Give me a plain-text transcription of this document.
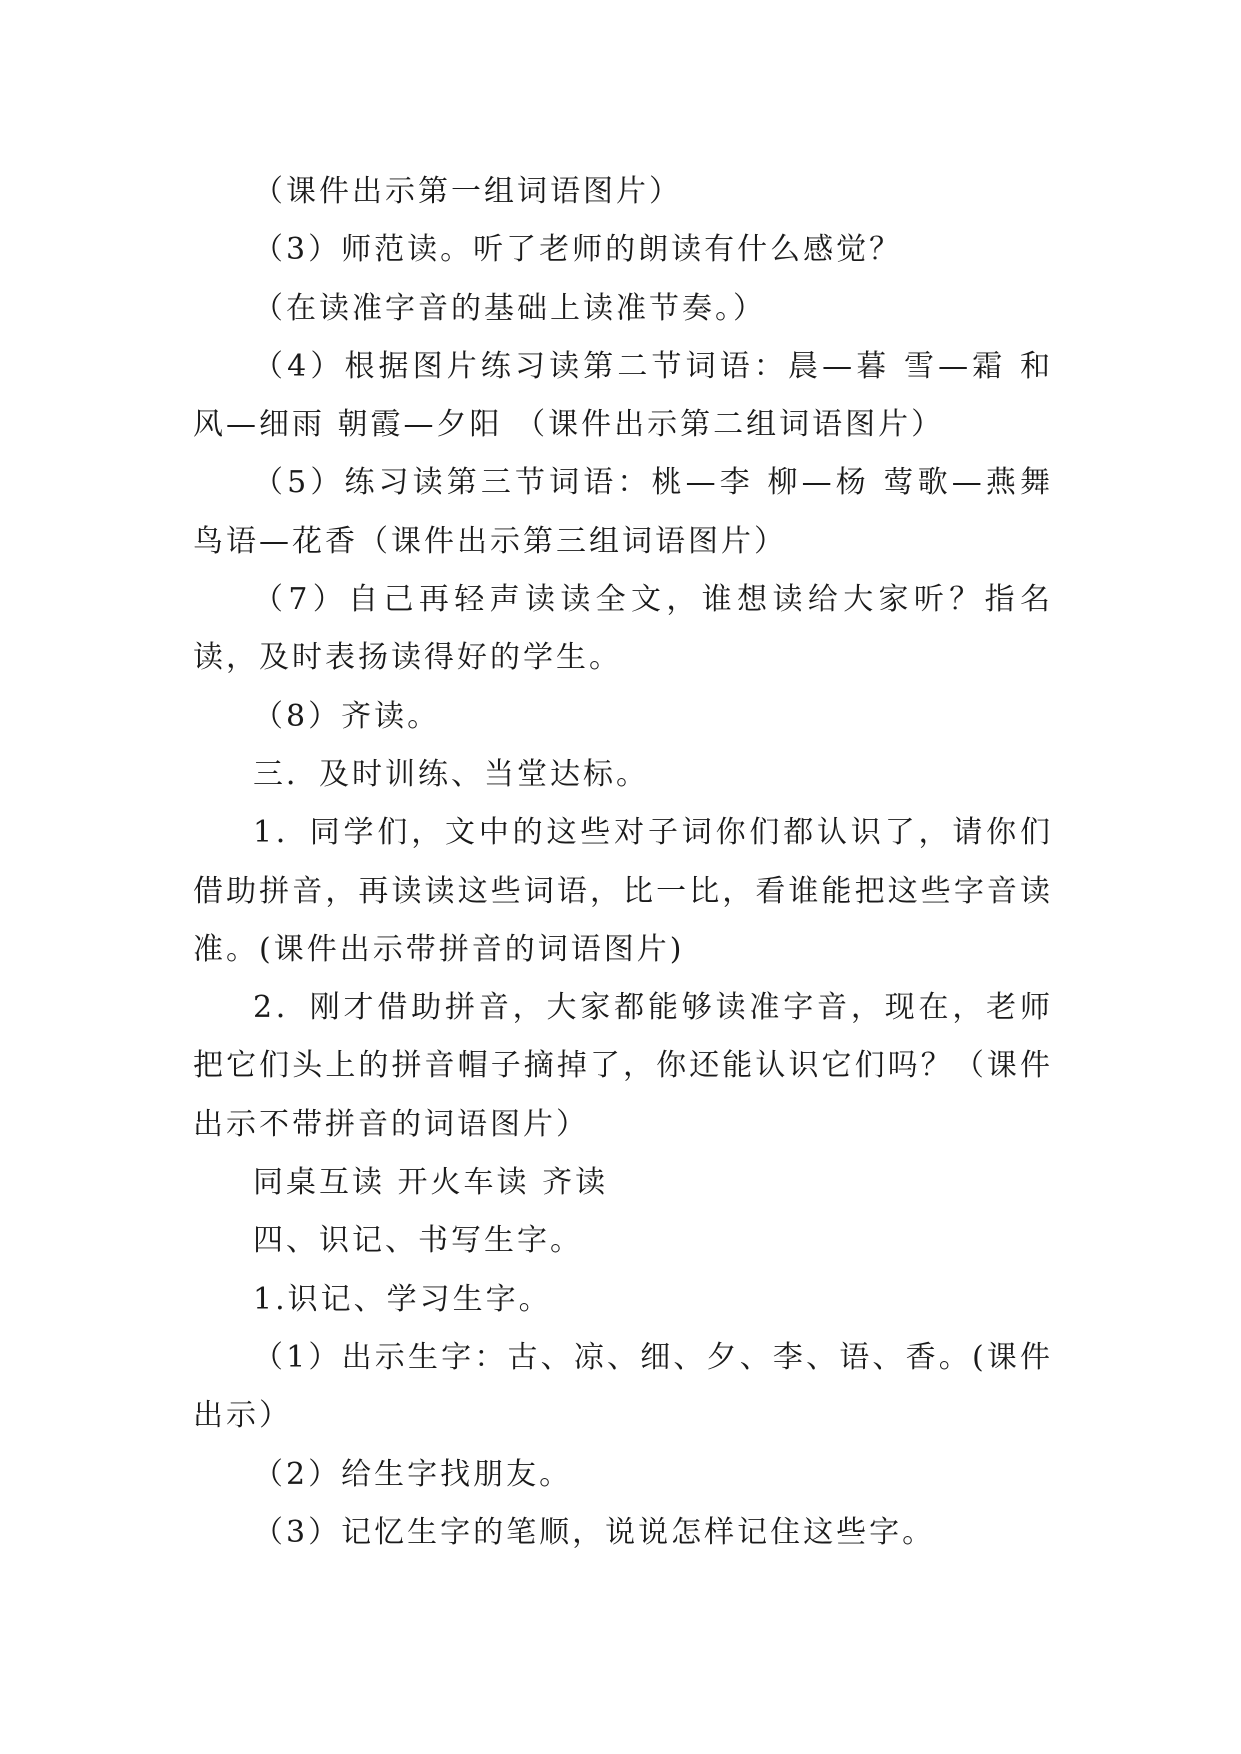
（课件出示第一组词语图片）

（3）师范读。听了老师的朗读有什么感觉？

（在读准字音的基础上读准节奏。）

（4）根据图片练习读第二节词语：晨—暮 雪—霜 和风—细雨 朝霞—夕阳 （课件出示第二组词语图片）

（5）练习读第三节词语：桃—李 柳—杨 莺歌—燕舞 鸟语—花香（课件出示第三组词语图片）

（7）自己再轻声读读全文，谁想读给大家听？指名读，及时表扬读得好的学生。

（8）齐读。

三．及时训练、当堂达标。

1．同学们，文中的这些对子词你们都认识了，请你们借助拼音，再读读这些词语，比一比，看谁能把这些字音读准。(课件出示带拼音的词语图片)

2．刚才借助拼音，大家都能够读准字音，现在，老师把它们头上的拼音帽子摘掉了，你还能认识它们吗？（课件出示不带拼音的词语图片）

同桌互读 开火车读 齐读

四、识记、书写生字。

1.识记、学习生字。

（1）出示生字：古、凉、细、夕、李、语、香。(课件出示）

（2）给生字找朋友。

（3）记忆生字的笔顺，说说怎样记住这些字。
